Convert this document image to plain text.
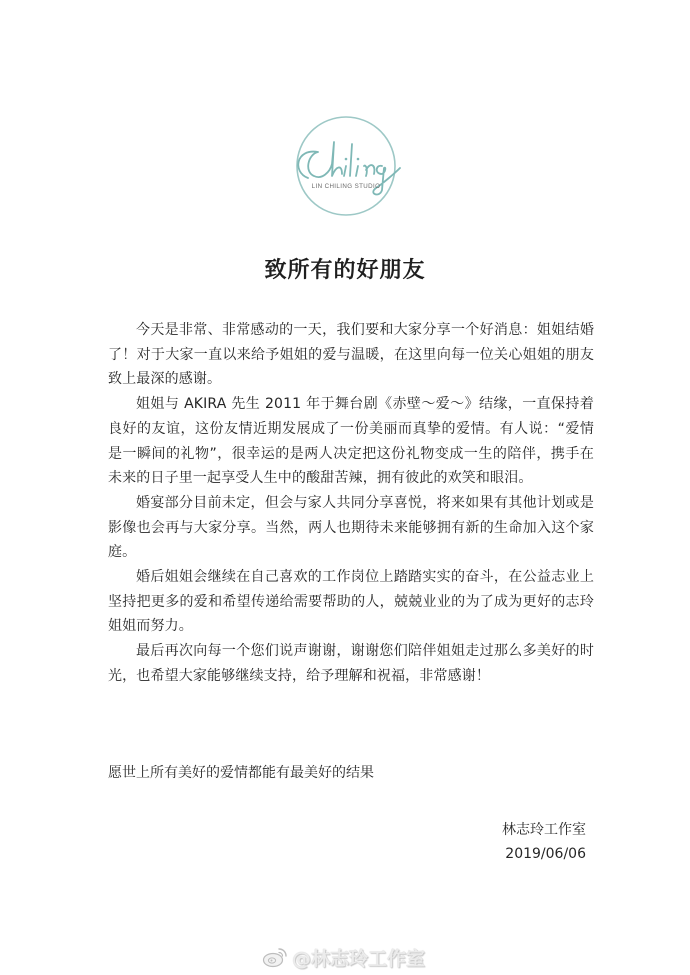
LIN CHILING STUDIO
致所有的好朋友

今天是非常、非常感动的一天，我们要和大家分享一个好消息：姐姐结婚了！对于大家一直以来给予姐姐的爱与温暖，在这里向每一位关心姐姐的朋友致上最深的感谢。

姐姐与 AKIRA 先生 2011 年于舞台剧《赤壁～爱～》结缘，一直保持着良好的友谊，这份友情近期发展成了一份美丽而真挚的爱情。有人说：“爱情是一瞬间的礼物”，很幸运的是两人决定把这份礼物变成一生的陪伴，携手在未来的日子里一起享受人生中的酸甜苦辣，拥有彼此的欢笑和眼泪。

婚宴部分目前未定，但会与家人共同分享喜悦，将来如果有其他计划或是影像也会再与大家分享。当然，两人也期待未来能够拥有新的生命加入这个家庭。

婚后姐姐会继续在自己喜欢的工作岗位上踏踏实实的奋斗，在公益志业上坚持把更多的爱和希望传递给需要帮助的人，兢兢业业的为了成为更好的志玲姐姐而努力。

最后再次向每一个您们说声谢谢，谢谢您们陪伴姐姐走过那么多美好的时光，也希望大家能够继续支持，给予理解和祝福，非常感谢！

愿世上所有美好的爱情都能有最美好的结果
林志玲工作室
2019/06/06
@林志玲工作室
